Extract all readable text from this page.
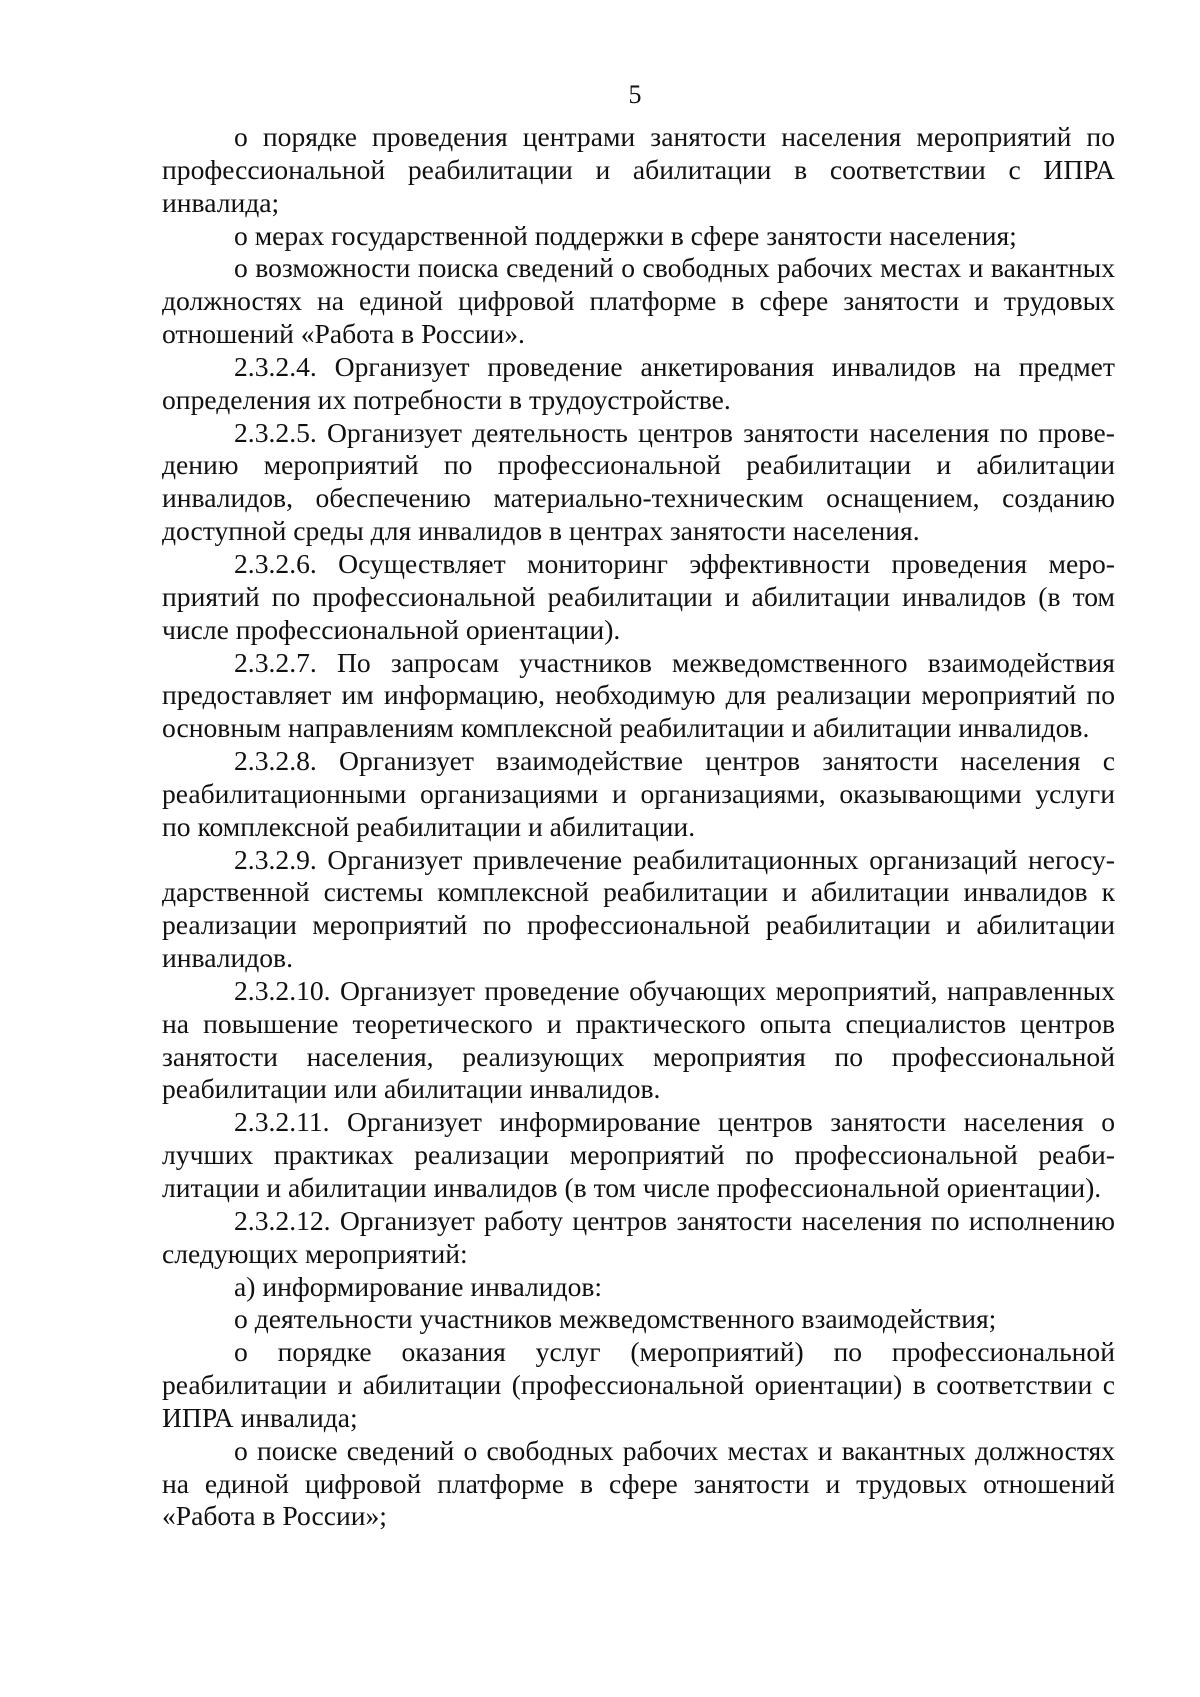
5

о порядке проведения центрами занятости населения мероприятий по профессиональной реабилитации и абилитации в соответствии с ИПРА инвалида;

о мерах государственной поддержки в сфере занятости населения;

о возможности поиска сведений о свободных рабочих местах и вакантных должностях на единой цифровой платформе в сфере занятости и трудовых отношений «Работа в России».

2.3.2.4. Организует проведение анкетирования инвалидов на предмет определения их потребности в трудоустройстве.

2.3.2.5. Организует деятельность центров занятости населения по проведению мероприятий по профессиональной реабилитации и абилитации инвалидов, обеспечению материально-техническим оснащением, созданию доступной среды для инвалидов в центрах занятости населения.

2.3.2.6. Осуществляет мониторинг эффективности проведения мероприятий по профессиональной реабилитации и абилитации инвалидов (в том числе профессиональной ориентации).

2.3.2.7. По запросам участников межведомственного взаимодействия предоставляет им информацию, необходимую для реализации мероприятий по основным направлениям комплексной реабилитации и абилитации инвалидов.

2.3.2.8. Организует взаимодействие центров занятости населения с реабилитационными организациями и организациями, оказывающими услуги по комплексной реабилитации и абилитации.

2.3.2.9. Организует привлечение реабилитационных организаций негосударственной системы комплексной реабилитации и абилитации инвалидов к реализации мероприятий по профессиональной реабилитации и абилитации инвалидов.

2.3.2.10. Организует проведение обучающих мероприятий, направленных на повышение теоретического и практического опыта специалистов центров занятости населения, реализующих мероприятия по профессиональной реабилитации или абилитации инвалидов.

2.3.2.11. Организует информирование центров занятости населения о лучших практиках реализации мероприятий по профессиональной реабилитации и абилитации инвалидов (в том числе профессиональной ориентации).

2.3.2.12. Организует работу центров занятости населения по исполнению следующих мероприятий:

а) информирование инвалидов:

о деятельности участников межведомственного взаимодействия;

о порядке оказания услуг (мероприятий) по профессиональной реабилитации и абилитации (профессиональной ориентации) в соответствии с ИПРА инвалида;

о поиске сведений о свободных рабочих местах и вакантных должностях на единой цифровой платформе в сфере занятости и трудовых отношений «Работа в России»;
